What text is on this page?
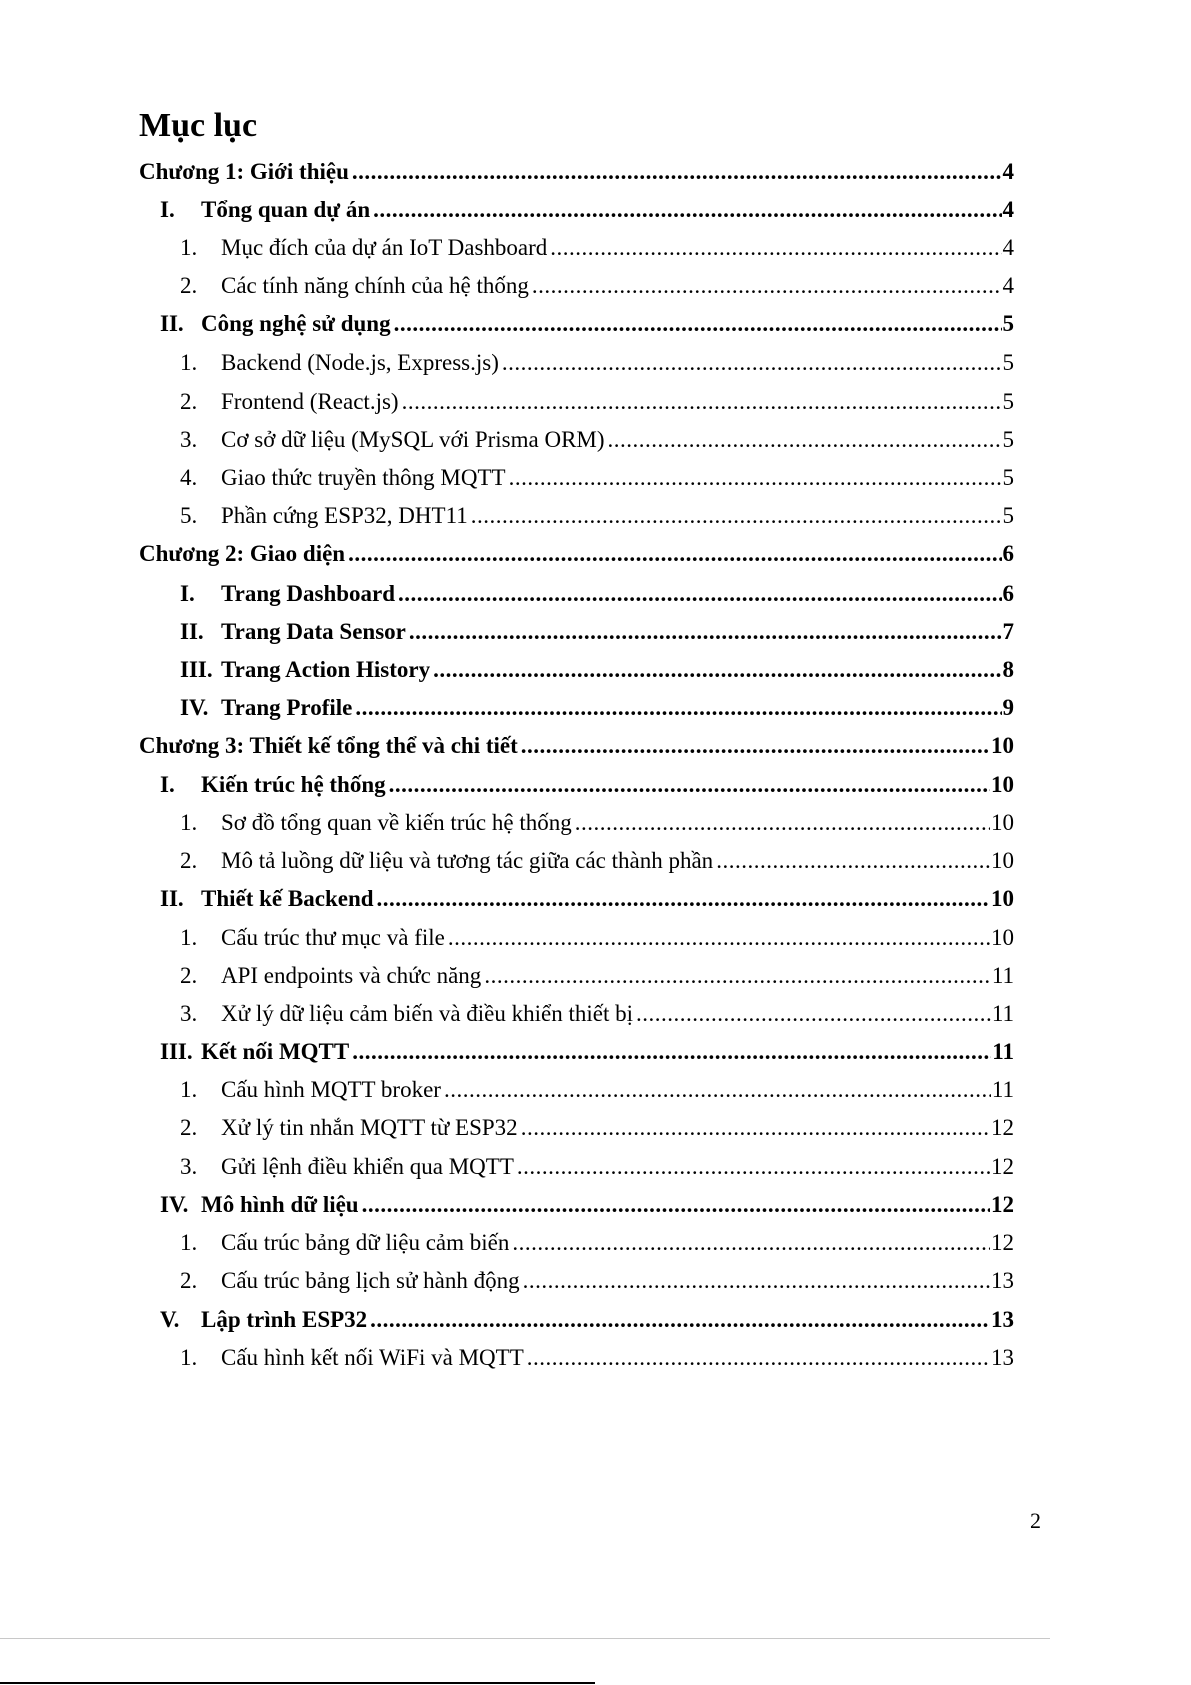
Mục lục
Chương 1: Giới thiệu .....	4
I.	Tổng quan dự án .....	4
1.	Mục đích của dự án IoT Dashboard .....	4
2.	Các tính năng chính của hệ thống .....	4
II. Công nghệ sử dụng .....	5
1.	Backend (Node.js, Express.js) .....	5
2.	Frontend (React.js) .....	5
3.	Cơ sở dữ liệu (MySQL với Prisma ORM) .....	5
4.	Giao thức truyền thông MQTT .....	5
5.	Phần cứng ESP32, DHT11 .....	5
Chương 2: Giao diện .....	6
I.	Trang Dashboard .....	6
II. Trang Data Sensor .....	7
III. Trang Action History .....	8
IV. Trang Profile .....	9
Chương 3: Thiết kế tổng thể và chi tiết .....	10
I.	Kiến trúc hệ thống .....	10
1.	Sơ đồ tổng quan về kiến trúc hệ thống .....	10
2.	Mô tả luồng dữ liệu và tương tác giữa các thành phần .....	10
II. Thiết kế Backend .....	10
1.	Cấu trúc thư mục và file .....	10
2.	API endpoints và chức năng .....	11
3.	Xử lý dữ liệu cảm biến và điều khiển thiết bị .....	11
III. Kết nối MQTT .....	11
1.	Cấu hình MQTT broker .....	11
2.	Xử lý tin nhắn MQTT từ ESP32 .....	12
3.	Gửi lệnh điều khiển qua MQTT .....	12
IV. Mô hình dữ liệu .....	12
1.	Cấu trúc bảng dữ liệu cảm biến .....	12
2.	Cấu trúc bảng lịch sử hành động .....	13
V. Lập trình ESP32 .....	13
1.	Cấu hình kết nối WiFi và MQTT .....	13
2
